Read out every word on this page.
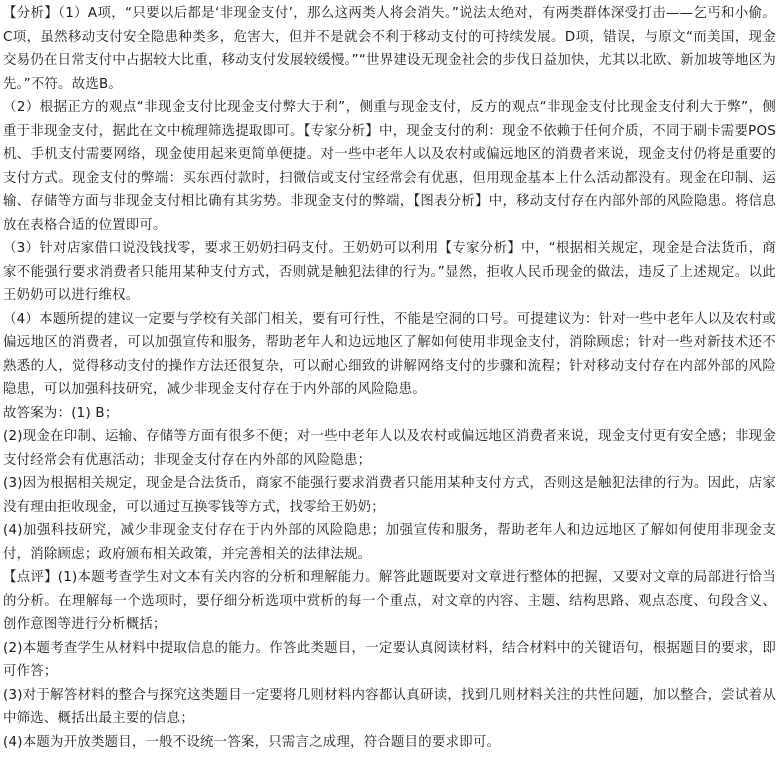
【分析】（1）A项，“只要以后都是‘非现金支付’，那么这两类人将会消失。”说法太绝对，有两类群体深受打击——乞丐和小偷。C项，虽然移动支付安全隐患种类多，危害大，但并不是就会不利于移动支付的可持续发展。D项，错误，与原文“而美国，现金交易仍在日常支付中占据较大比重，移动支付发展较缓慢。”“世界建设无现金社会的步伐日益加快，尤其以北欧、新加坡等地区为先。”不符。故选B。

（2）根据正方的观点“非现金支付比现金支付弊大于利”，侧重与现金支付，反方的观点“非现金支付比现金支付利大于弊”，侧重于非现金支付，据此在文中梳理筛选提取即可。【专家分析】中，现金支付的利：现金不依赖于任何介质，不同于刷卡需要POS机、手机支付需要网络，现金使用起来更简单便捷。对一些中老年人以及农村或偏远地区的消费者来说，现金支付仍将是重要的支付方式。现金支付的弊端：买东西付款时，扫微信或支付宝经常会有优惠，但用现金基本上什么活动都没有。现金在印制、运输、存储等方面与非现金支付相比确有其劣势。非现金支付的弊端，【图表分析】中，移动支付存在内部外部的风险隐患。将信息放在表格合适的位置即可。

（3）针对店家借口说没钱找零，要求王奶奶扫码支付。王奶奶可以利用【专家分析】中，“根据相关规定，现金是合法货币，商家不能强行要求消费者只能用某种支付方式，否则就是触犯法律的行为。”显然，拒收人民币现金的做法，违反了上述规定。以此王奶奶可以进行维权。

（4）本题所提的建议一定要与学校有关部门相关，要有可行性，不能是空洞的口号。可提建议为：针对一些中老年人以及农村或偏远地区的消费者，可以加强宣传和服务，帮助老年人和边远地区了解如何使用非现金支付，消除顾虑；针对一些对新技术还不熟悉的人，觉得移动支付的操作方法还很复杂，可以耐心细致的讲解网络支付的步骤和流程；针对移动支付存在内部外部的风险隐患，可以加强科技研究，减少非现金支付存在于内外部的风险隐患。

故答案为：(1) B；

(2)现金在印制、运输、存储等方面有很多不便；对一些中老年人以及农村或偏远地区消费者来说，现金支付更有安全感；非现金支付经常会有优惠活动；非现金支付存在内外部的风险隐患；

(3)因为根据相关规定，现金是合法货币，商家不能强行要求消费者只能用某种支付方式，否则这是触犯法律的行为。因此，店家没有理由拒收现金，可以通过互换零钱等方式，找零给王奶奶；

(4)加强科技研究，减少非现金支付存在于内外部的风险隐患；加强宣传和服务，帮助老年人和边远地区了解如何使用非现金支付，消除顾虑；政府颁布相关政策，并完善相关的法律法规。

【点评】(1)本题考查学生对文本有关内容的分析和理解能力。解答此题既要对文章进行整体的把握，又要对文章的局部进行恰当的分析。在理解每一个选项时，要仔细分析选项中赏析的每一个重点，对文章的内容、主题、结构思路、观点态度、句段含义、创作意图等进行分析概括；

(2)本题考查学生从材料中提取信息的能力。作答此类题目，一定要认真阅读材料，结合材料中的关键语句，根据题目的要求，即可作答；

(3)对于解答材料的整合与探究这类题目一定要将几则材料内容都认真研读，找到几则材料关注的共性问题，加以整合，尝试着从中筛选、概括出最主要的信息；

(4)本题为开放类题目，一般不设统一答案，只需言之成理，符合题目的要求即可。
